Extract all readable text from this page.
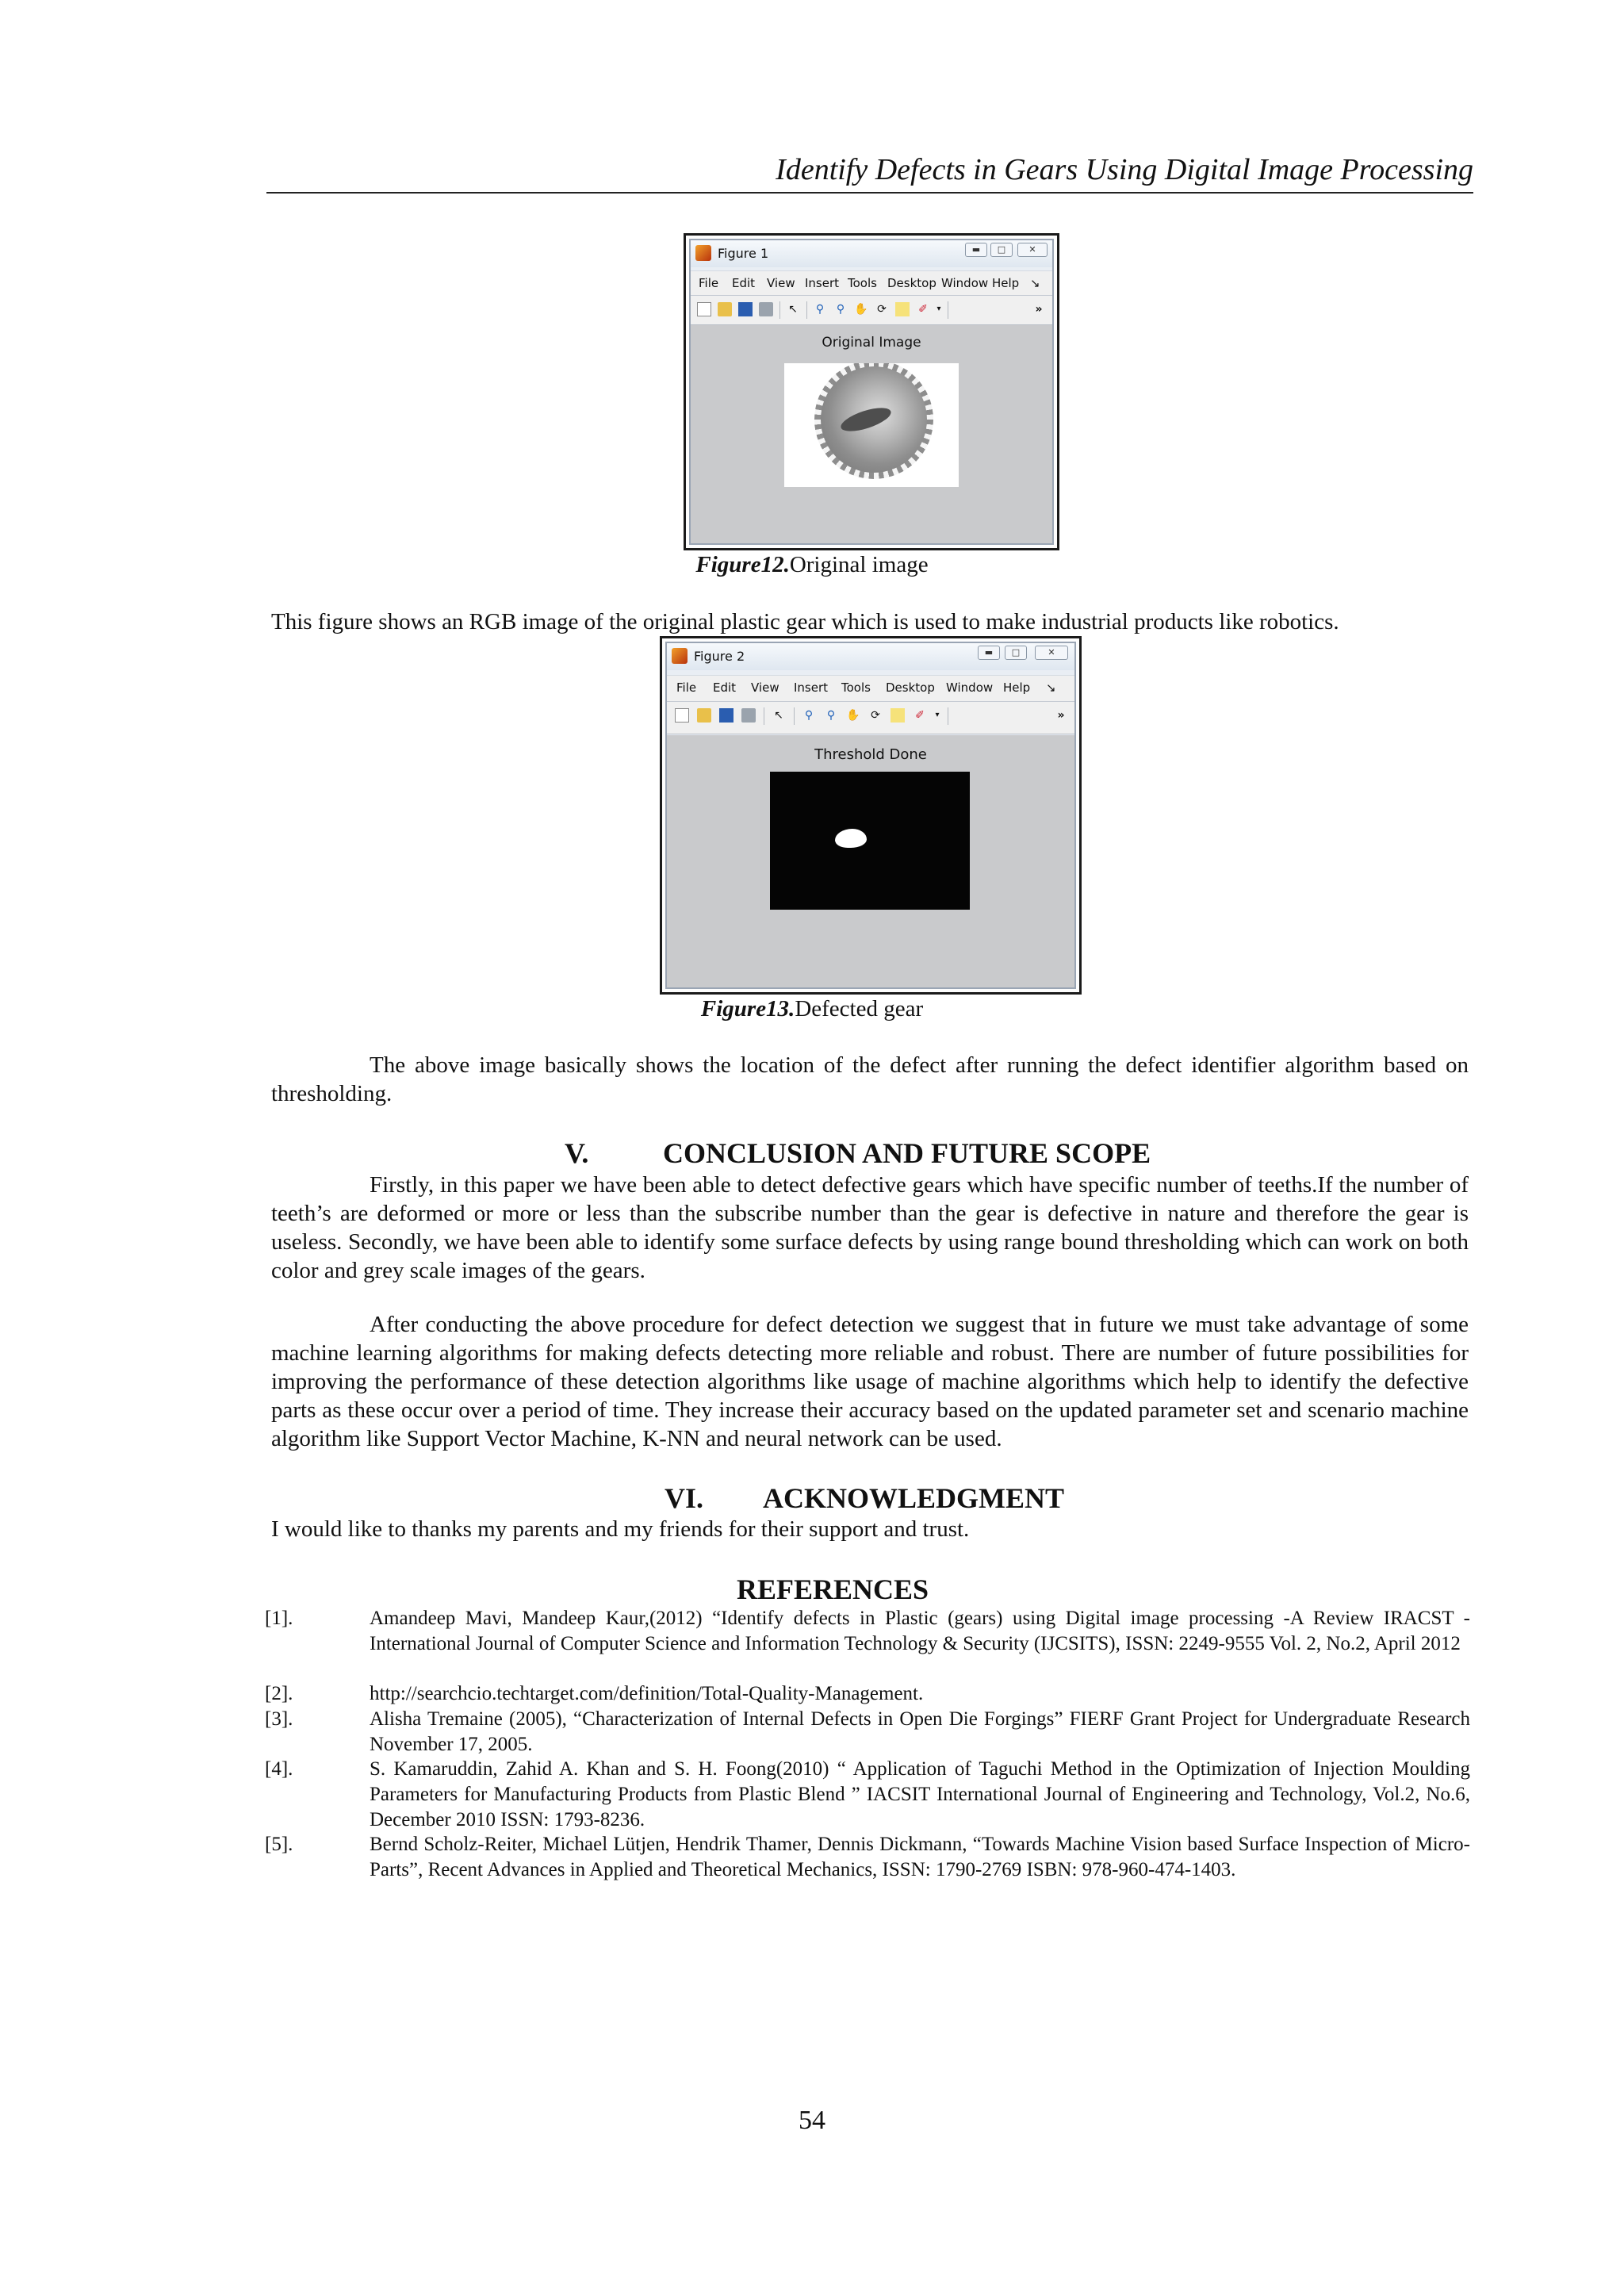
Identify Defects in Gears Using Digital Image Processing
Figure 1	▬	□	✕
File Edit View Insert Tools Desktop Window Help ↘
↖ ⚲ ⚲ ✋ ⟳	✐	▾	»
Original Image
Figure12.Original image
This figure shows an RGB image of the original plastic gear which is used to make industrial products like robotics.
Figure 2	▬	□	✕
File Edit View Insert Tools Desktop Window Help ↘
↖ ⚲ ⚲ ✋ ⟳	✐	▾	»
Threshold Done
Figure13.Defected gear
The above image basically shows the location of the defect after running the defect identifier algorithm based on thresholding.
V.	CONCLUSION AND FUTURE SCOPE
Firstly, in this paper we have been able to detect defective gears which have specific number of teeths.If the number of teeth’s are deformed or more or less than the subscribe number than the gear is defective in nature and therefore the gear is useless. Secondly, we have been able to identify some surface defects by using range bound thresholding which can work on both color and grey scale images of the gears.
After conducting the above procedure for defect detection we suggest that in future we must take advantage of some machine learning algorithms for making defects detecting more reliable and robust. There are number of future possibilities for improving the performance of these detection algorithms like usage of machine algorithms which help to identify the defective parts as these occur over a period of time. They increase their accuracy based on the updated parameter set and scenario machine algorithm like Support Vector Machine, K-NN and neural network can be used.
VI. ACKNOWLEDGMENT
I would like to thanks my parents and my friends for their support and trust.
REFERENCES
[1].	Amandeep Mavi, Mandeep Kaur,(2012) “Identify defects in Plastic (gears) using Digital image processing -A Review IRACST - International Journal of Computer Science and Information Technology & Security (IJCSITS), ISSN: 2249-9555 Vol. 2, No.2, April 2012
[2].	http://searchcio.techtarget.com/definition/Total-Quality-Management.
[3].	Alisha Tremaine (2005), “Characterization of Internal Defects in Open Die Forgings” FIERF Grant Project for Undergraduate Research November 17, 2005.
[4].	S. Kamaruddin, Zahid A. Khan and S. H. Foong(2010) “ Application of Taguchi Method in the Optimization of Injection Moulding Parameters for Manufacturing Products from Plastic Blend ” IACSIT International Journal of Engineering and Technology, Vol.2, No.6, December 2010 ISSN: 1793-8236.
[5].	Bernd Scholz-Reiter, Michael Lütjen, Hendrik Thamer, Dennis Dickmann, “Towards Machine Vision based Surface Inspection of Micro-Parts”, Recent Advances in Applied and Theoretical Mechanics, ISSN: 1790-2769 ISBN: 978-960-474-1403.
54
